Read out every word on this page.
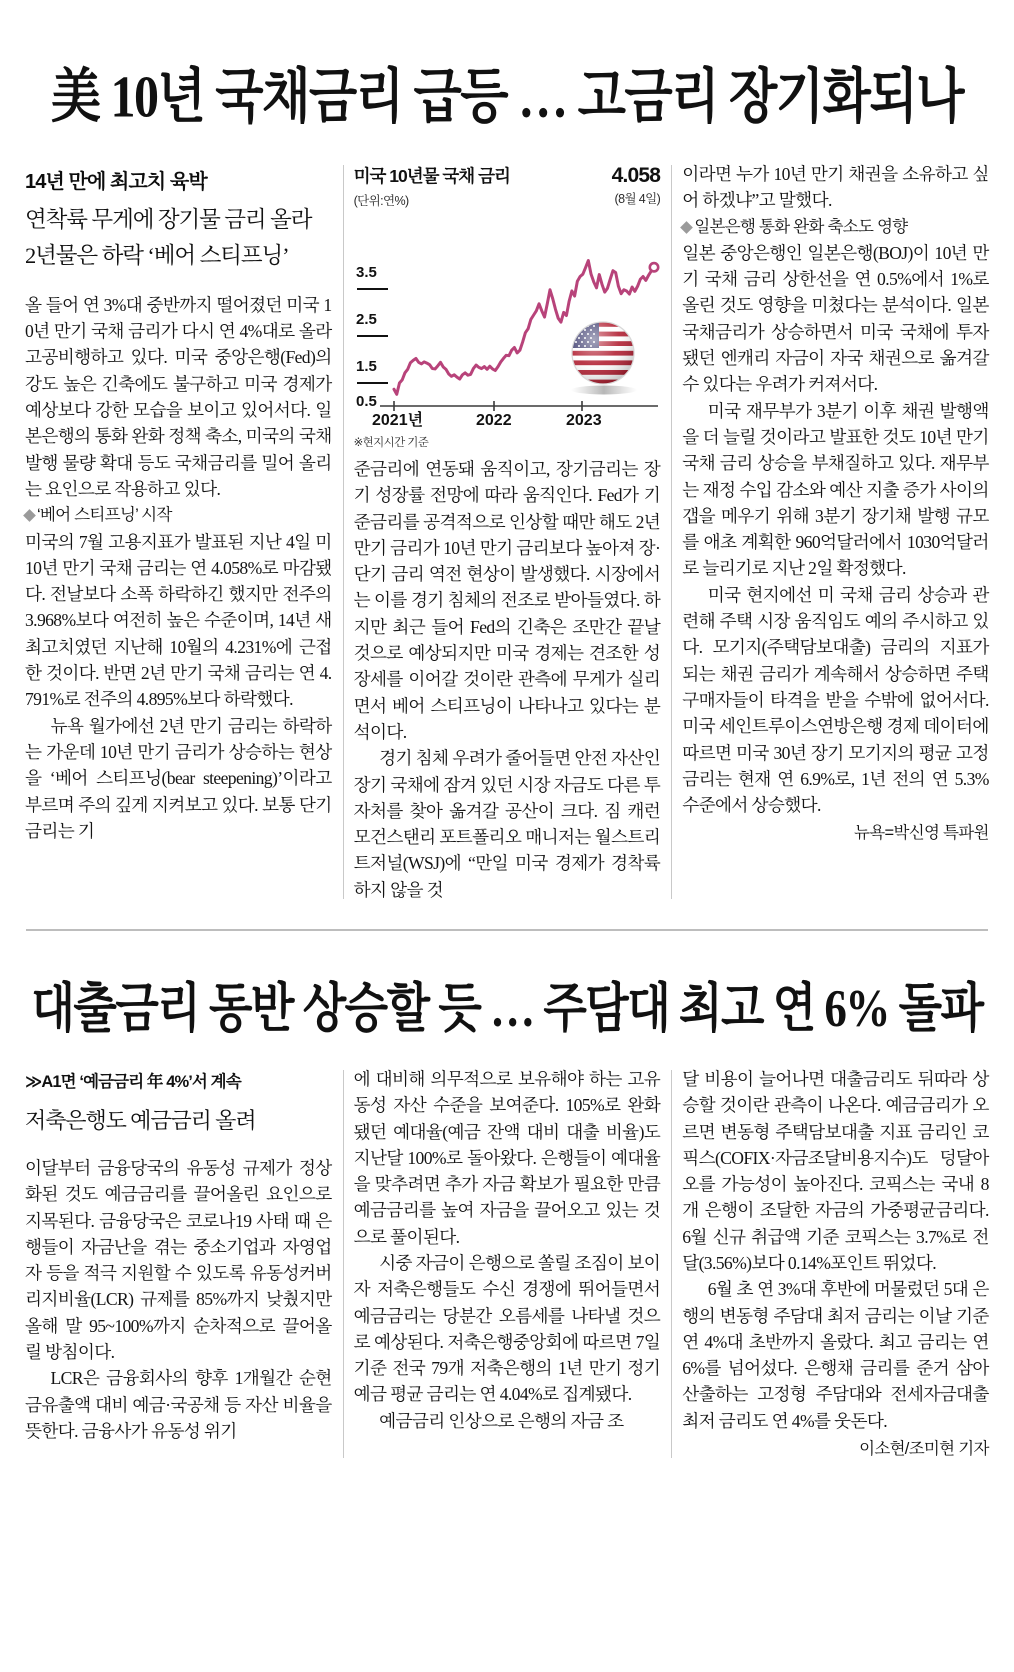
美 10년 국채금리 급등 … 고금리 장기화되나
14년 만에 최고치 육박
연착륙 무게에 장기물 금리 올라
2년물은 하락 ‘베어 스티프닝’

올 들어 연 3%대 중반까지 떨어졌던 미국 10년 만기 국채 금리가 다시 연 4%대로 올라 고공비행하고 있다. 미국 중앙은행(Fed)의 강도 높은 긴축에도 불구하고 미국 경제가 예상보다 강한 모습을 보이고 있어서다. 일본은행의 통화 완화 정책 축소, 미국의 국채 발행 물량 확대 등도 국채금리를 밀어 올리는 요인으로 작용하고 있다.

‘베어 스티프닝’ 시작

미국의 7월 고용지표가 발표된 지난 4일 미 10년 만기 국채 금리는 연 4.058%로 마감됐다. 전날보다 소폭 하락하긴 했지만 전주의 3.968%보다 여전히 높은 수준이며, 14년 새 최고치였던 지난해 10월의 4.231%에 근접한 것이다. 반면 2년 만기 국채 금리는 연 4.791%로 전주의 4.895%보다 하락했다.

뉴욕 월가에선 2년 만기 금리는 하락하는 가운데 10년 만기 금리가 상승하는 현상을 ‘베어 스티프닝(bear steepening)’이라고 부르며 주의 깊게 지켜보고 있다. 보통 단기금리는 기

4.058
(8월 4일)
미국 10년물 국채 금리
(단위:연%)
3.5
2.5
1.5
0.5
2021년	2022	2023
※현지시간 기준

준금리에 연동돼 움직이고, 장기금리는 장기 성장률 전망에 따라 움직인다. Fed가 기준금리를 공격적으로 인상할 때만 해도 2년 만기 금리가 10년 만기 금리보다 높아져 장·단기 금리 역전 현상이 발생했다. 시장에서는 이를 경기 침체의 전조로 받아들였다. 하지만 최근 들어 Fed의 긴축은 조만간 끝날 것으로 예상되지만 미국 경제는 견조한 성장세를 이어갈 것이란 관측에 무게가 실리면서 베어 스티프닝이 나타나고 있다는 분석이다.

경기 침체 우려가 줄어들면 안전 자산인 장기 국채에 잠겨 있던 시장 자금도 다른 투자처를 찾아 옮겨갈 공산이 크다. 짐 캐런 모건스탠리 포트폴리오 매니저는 월스트리트저널(WSJ)에 “만일 미국 경제가 경착륙하지 않을 것

이라면 누가 10년 만기 채권을 소유하고 싶어 하겠냐”고 말했다.

일본은행 통화 완화 축소도 영향

일본 중앙은행인 일본은행(BOJ)이 10년 만기 국채 금리 상한선을 연 0.5%에서 1%로 올린 것도 영향을 미쳤다는 분석이다. 일본 국채금리가 상승하면서 미국 국채에 투자됐던 엔캐리 자금이 자국 채권으로 옮겨갈 수 있다는 우려가 커져서다.

미국 재무부가 3분기 이후 채권 발행액을 더 늘릴 것이라고 발표한 것도 10년 만기 국채 금리 상승을 부채질하고 있다. 재무부는 재정 수입 감소와 예산 지출 증가 사이의 갭을 메우기 위해 3분기 장기채 발행 규모를 애초 계획한 960억달러에서 1030억달러로 늘리기로 지난 2일 확정했다.

미국 현지에선 미 국채 금리 상승과 관련해 주택 시장 움직임도 예의 주시하고 있다. 모기지(주택담보대출) 금리의 지표가 되는 채권 금리가 계속해서 상승하면 주택 구매자들이 타격을 받을 수밖에 없어서다. 미국 세인트루이스연방은행 경제 데이터에 따르면 미국 30년 장기 모기지의 평균 고정금리는 현재 연 6.9%로, 1년 전의 연 5.3% 수준에서 상승했다.

뉴욕=박신영 특파원
대출금리 동반 상승할 듯 … 주담대 최고 연 6% 돌파
≫A1면 ‘예금금리 年 4%’서 계속
저축은행도 예금금리 올려

이달부터 금융당국의 유동성 규제가 정상화된 것도 예금금리를 끌어올린 요인으로 지목된다. 금융당국은 코로나19 사태 때 은행들이 자금난을 겪는 중소기업과 자영업자 등을 적극 지원할 수 있도록 유동성커버리지비율(LCR) 규제를 85%까지 낮췄지만 올해 말 95~100%까지 순차적으로 끌어올릴 방침이다.

LCR은 금융회사의 향후 1개월간 순현금유출액 대비 예금·국공채 등 자산 비율을 뜻한다. 금융사가 유동성 위기

에 대비해 의무적으로 보유해야 하는 고유동성 자산 수준을 보여준다. 105%로 완화됐던 예대율(예금 잔액 대비 대출 비율)도 지난달 100%로 돌아왔다. 은행들이 예대율을 맞추려면 추가 자금 확보가 필요한 만큼 예금금리를 높여 자금을 끌어오고 있는 것으로 풀이된다.

시중 자금이 은행으로 쏠릴 조짐이 보이자 저축은행들도 수신 경쟁에 뛰어들면서 예금금리는 당분간 오름세를 나타낼 것으로 예상된다. 저축은행중앙회에 따르면 7일 기준 전국 79개 저축은행의 1년 만기 정기예금 평균 금리는 연 4.04%로 집계됐다.

예금금리 인상으로 은행의 자금 조

달 비용이 늘어나면 대출금리도 뒤따라 상승할 것이란 관측이 나온다. 예금금리가 오르면 변동형 주택담보대출 지표 금리인 코픽스(COFIX·자금조달비용지수)도 덩달아 오를 가능성이 높아진다. 코픽스는 국내 8개 은행이 조달한 자금의 가중평균금리다. 6월 신규 취급액 기준 코픽스는 3.7%로 전달(3.56%)보다 0.14%포인트 뛰었다.

6월 초 연 3%대 후반에 머물렀던 5대 은행의 변동형 주담대 최저 금리는 이날 기준 연 4%대 초반까지 올랐다. 최고 금리는 연 6%를 넘어섰다. 은행채 금리를 준거 삼아 산출하는 고정형 주담대와 전세자금대출 최저 금리도 연 4%를 웃돈다.

이소현/조미현 기자
